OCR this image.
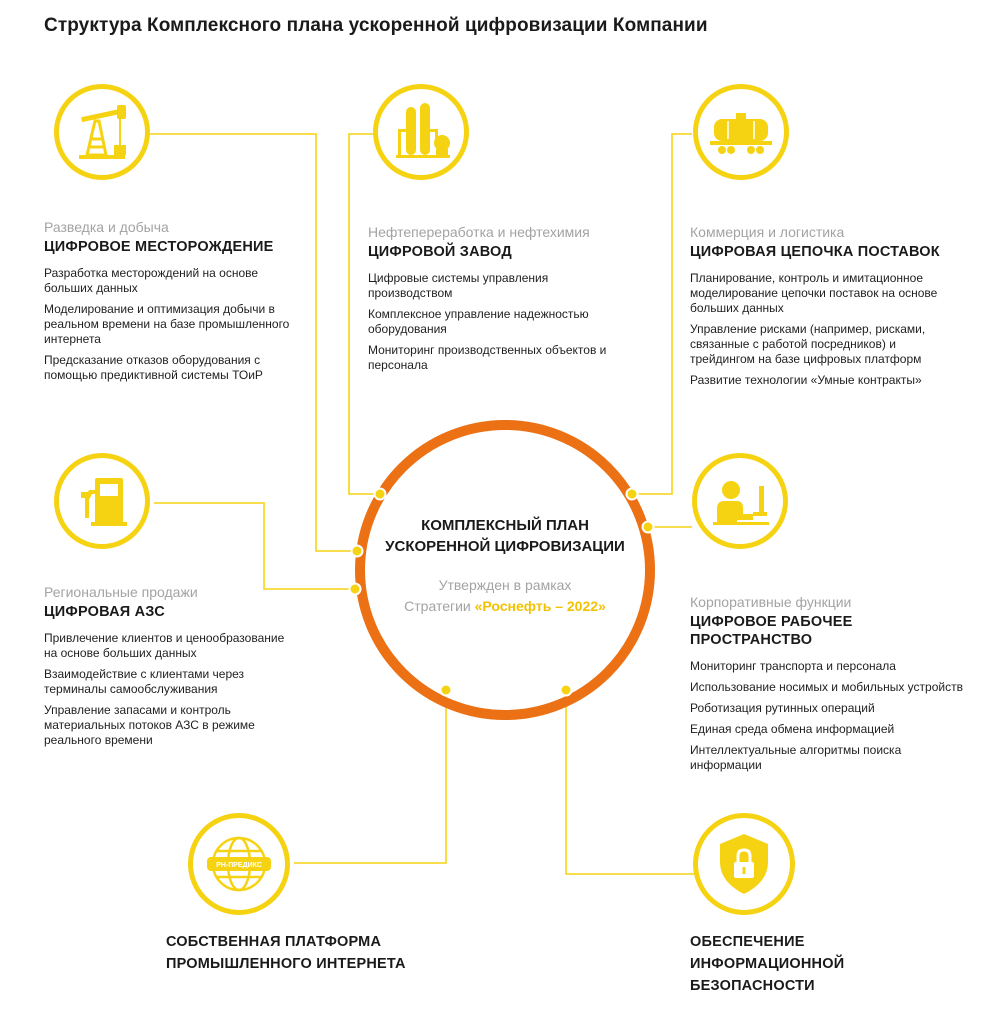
Структура Комплексного плана ускоренной цифровизации Компании
КОМПЛЕКСНЫЙ ПЛАН
УСКОРЕННОЙ ЦИФРОВИЗАЦИИ
Утвержден в рамках
Стратегии «Роснефть – 2022»
РН-ПРЕДИКС
Разведка и добыча
ЦИФРОВОЕ МЕСТОРОЖДЕНИЕ
Разработка месторождений на основе больших данных
Моделирование и оптимизация добычи в реальном времени на базе промышленного интернета
Предсказание отказов оборудования с помощью предиктивной системы ТОиР
Нефтепереработка и нефтехимия
ЦИФРОВОЙ ЗАВОД
Цифровые системы управления производством
Комплексное управление надежностью оборудования
Мониторинг производственных объектов и персонала
Коммерция и логистика
ЦИФРОВАЯ ЦЕПОЧКА ПОСТАВОК
Планирование, контроль и имитационное моделирование цепочки поставок на основе больших данных
Управление рисками (например, рисками, связанные с работой посредников) и трейдингом на базе цифровых платформ
Развитие технологии «Умные контракты»
Региональные продажи
ЦИФРОВАЯ АЗС
Привлечение клиентов и ценообразование на основе больших данных
Взаимодействие с клиентами через терминалы самообслуживания
Управление запасами и контроль материальных потоков АЗС в режиме реального времени
Корпоративные функции
ЦИФРОВОЕ РАБОЧЕЕ ПРОСТРАНСТВО
Мониторинг транспорта и персонала
Использование носимых и мобильных устройств
Роботизация рутинных операций
Единая среда обмена информацией
Интеллектуальные алгоритмы поиска информации
СОБСТВЕННАЯ ПЛАТФОРМА
ПРОМЫШЛЕННОГО ИНТЕРНЕТА
ОБЕСПЕЧЕНИЕ
ИНФОРМАЦИОННОЙ
БЕЗОПАСНОСТИ
